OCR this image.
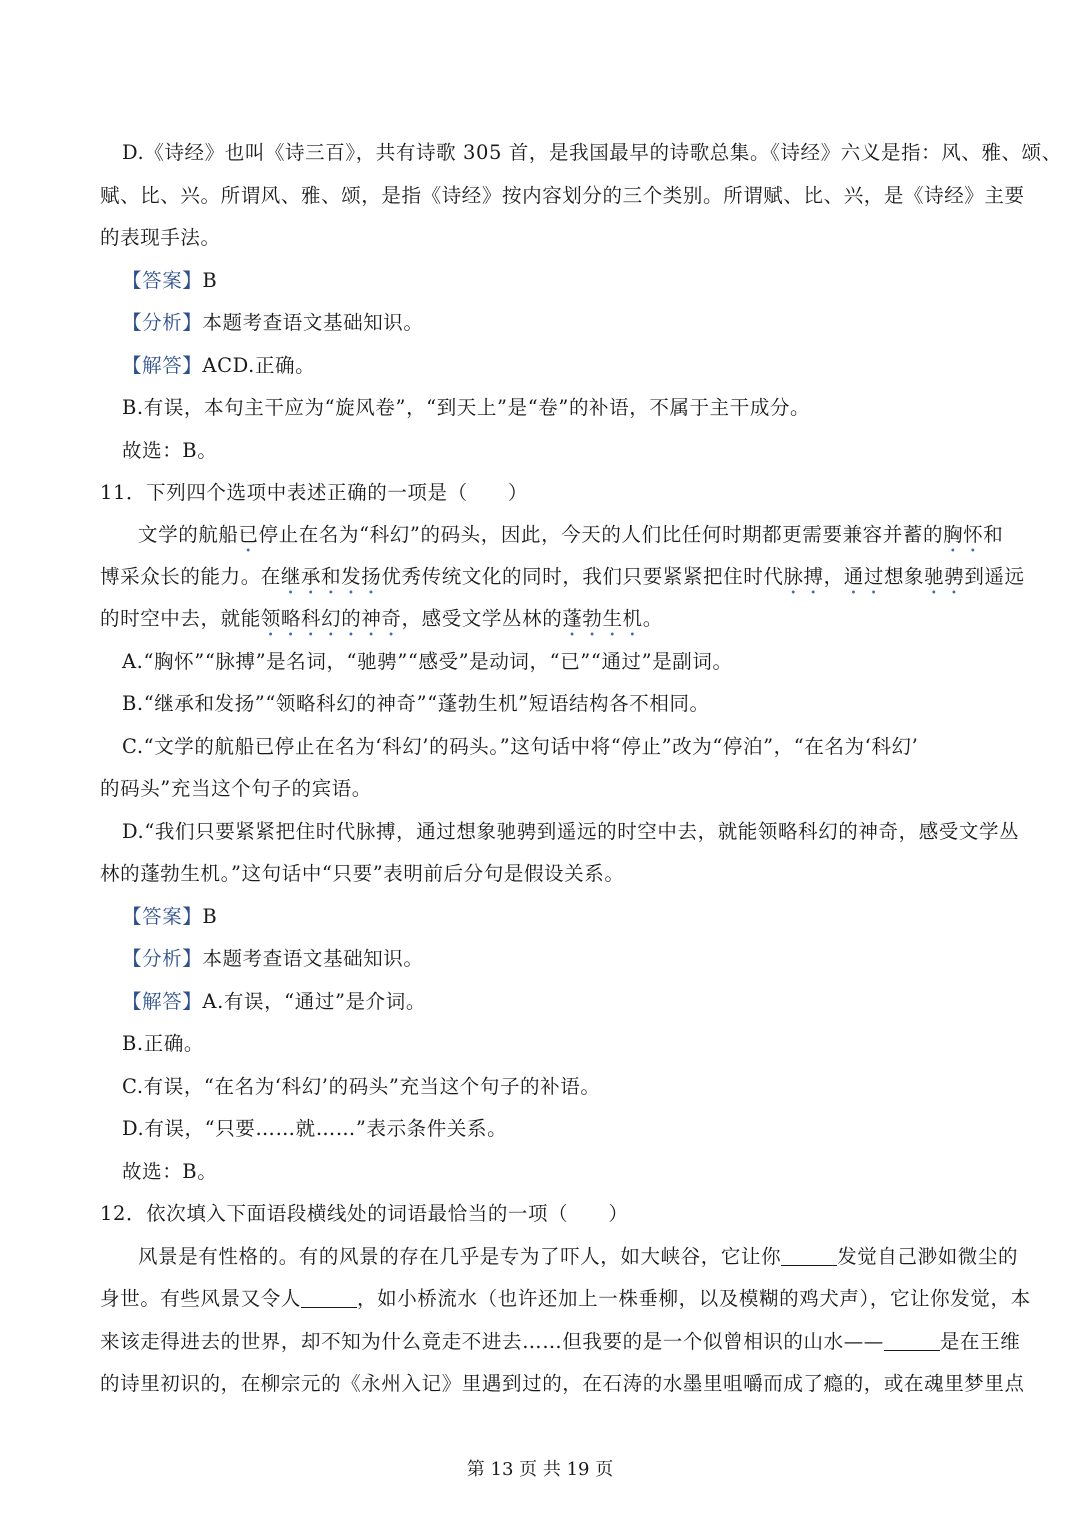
D.《诗经》也叫《诗三百》，共有诗歌 305 首，是我国最早的诗歌总集。《诗经》六义是指：风、雅、颂、
赋、比、兴。所谓风、雅、颂，是指《诗经》按内容划分的三个类别。所谓赋、比、兴，是《诗经》主要
的表现手法。
【答案】B
【分析】本题考查语文基础知识。
【解答】ACD.正确。
B.有误，本句主干应为“旋风卷”，“到天上”是“卷”的补语，不属于主干成分。
故选：B。
11．下列四个选项中表述正确的一项是（　　）
文学的航船已停止在名为“科幻”的码头，因此，今天的人们比任何时期都更需要兼容并蓄的胸怀和
博采众长的能力。在继承和发扬优秀传统文化的同时，我们只要紧紧把住时代脉搏，通过想象驰骋到遥远
的时空中去，就能领略科幻的神奇，感受文学丛林的蓬勃生机。
A.“胸怀”“脉搏”是名词，“驰骋”“感受”是动词，“已”“通过”是副词。
B.“继承和发扬”“领略科幻的神奇”“蓬勃生机”短语结构各不相同。
C.“文学的航船已停止在名为‘科幻’的码头。”这句话中将“停止”改为“停泊”，“在名为‘科幻’
的码头”充当这个句子的宾语。
D.“我们只要紧紧把住时代脉搏，通过想象驰骋到遥远的时空中去，就能领略科幻的神奇，感受文学丛
林的蓬勃生机。”这句话中“只要”表明前后分句是假设关系。
【答案】B
【分析】本题考查语文基础知识。
【解答】A.有误，“通过”是介词。
B.正确。
C.有误，“在名为‘科幻’的码头”充当这个句子的补语。
D.有误，“只要……就……”表示条件关系。
故选：B。
12．依次填入下面语段横线处的词语最恰当的一项（　　）
风景是有性格的。有的风景的存在几乎是专为了吓人，如大峡谷，它让你	发觉自己渺如微尘的
身世。有些风景又令人	，如小桥流水（也许还加上一株垂柳，以及模糊的鸡犬声），它让你发觉，本
来该走得进去的世界，却不知为什么竟走不进去……但我要的是一个似曾相识的山水——	是在王维
的诗里初识的，在柳宗元的《永州入记》里遇到过的，在石涛的水墨里咀嚼而成了瘾的，或在魂里梦里点
第 13 页 共 19 页
